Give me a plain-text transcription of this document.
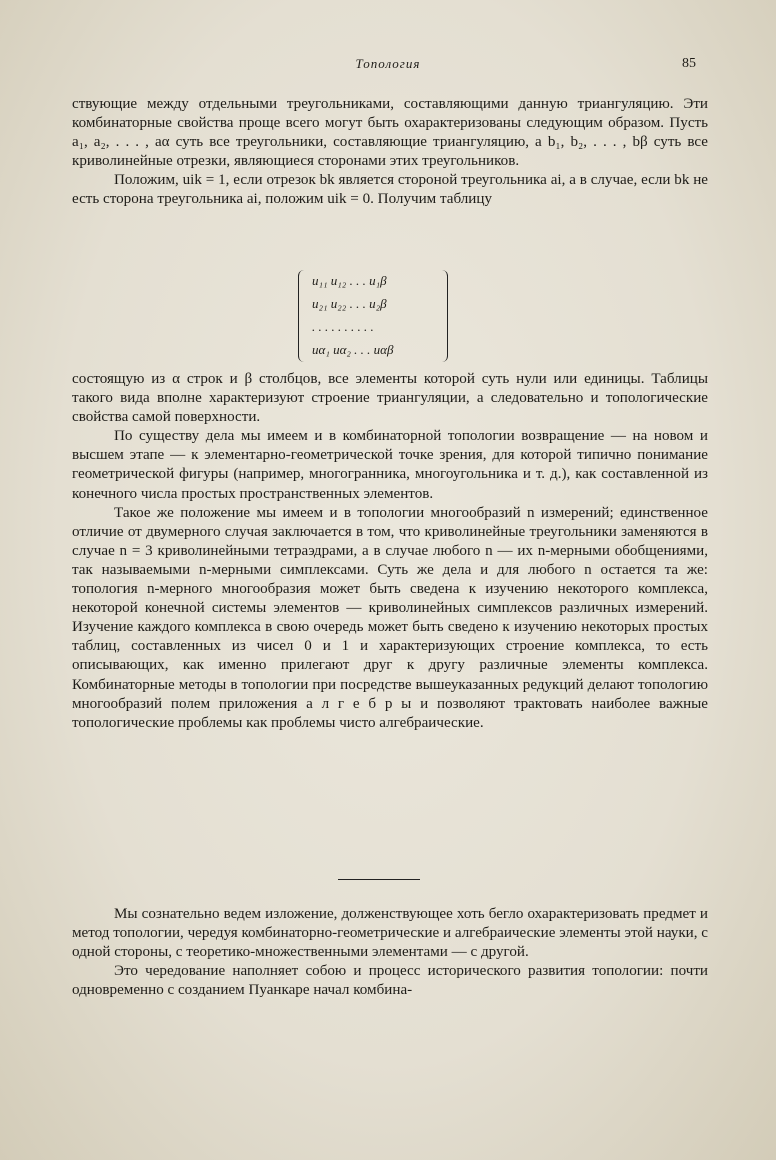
Топология	85

ствующие между отдельными треугольниками, составляющими данную триангуляцию. Эти комбинаторные свойства проще всего могут быть охарактеризованы следующим образом. Пусть a₁, a₂, . . . , aα суть все треугольники, составляющие триангуляцию, а b₁, b₂, . . . , bβ суть все криволинейные отрезки, являющиеся сторонами этих треугольников.

Положим, uik = 1, если отрезок bk является стороной треугольника ai, а в случае, если bk не есть сторона треугольника ai, положим uik = 0. Получим таблицу

u₁₁ u₁₂ . . . u₁β
u₂₁ u₂₂ . . . u₂β
. . . . . . . . . .
uα₁ uα₂ . . . uαβ

состоящую из α строк и β столбцов, все элементы которой суть нули или единицы. Таблицы такого вида вполне характеризуют строение триангуляции, а следовательно и топологические свойства самой поверхности.

По существу дела мы имеем и в комбинаторной топологии возвращение — на новом и высшем этапе — к элементарно-геометрической точке зрения, для которой типично понимание геометрической фигуры (например, многогранника, многоугольника и т. д.), как составленной из конечного числа простых пространственных элементов.

Такое же положение мы имеем и в топологии многообразий n измерений; единственное отличие от двумерного случая заключается в том, что криволинейные треугольники заменяются в случае n = 3 криволинейными тетраэдрами, а в случае любого n — их n-мерными обобщениями, так называемыми n-мерными симплексами. Суть же дела и для любого n остается та же: топология n-мерного многообразия может быть сведена к изучению некоторого комплекса, некоторой конечной системы элементов — криволинейных симплексов различных измерений. Изучение каждого комплекса в свою очередь может быть сведено к изучению некоторых простых таблиц, составленных из чисел 0 и 1 и характеризующих строение комплекса, то есть описывающих, как именно прилегают друг к другу различные элементы комплекса. Комбинаторные методы в топологии при посредстве вышеуказанных редукций делают топологию многообразий полем приложения а л г е б р ы и позволяют трактовать наиболее важные топологические проблемы как проблемы чисто алгебраические.

Мы сознательно ведем изложение, долженствующее хоть бегло охарактеризовать предмет и метод топологии, чередуя комбинаторно-геометрические и алгебраические элементы этой науки, с одной стороны, с теоретико-множественными элементами — с другой.

Это чередование наполняет собою и процесс исторического развития топологии: почти одновременно с созданием Пуанкаре начал комбина-
